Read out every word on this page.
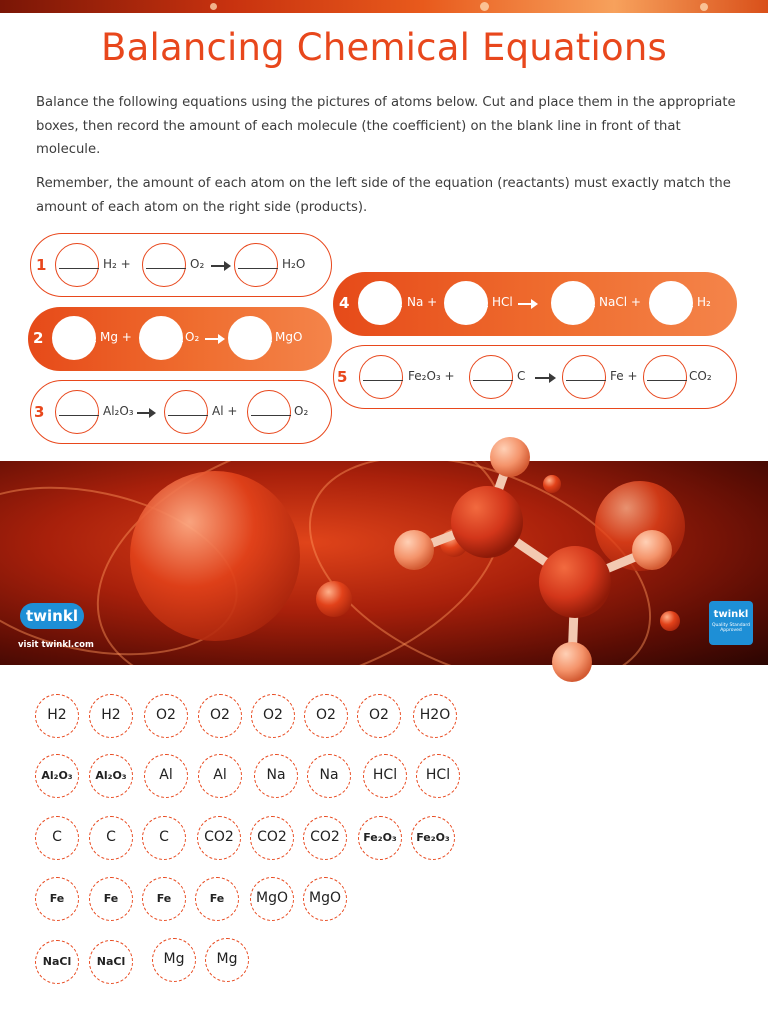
Balancing Chemical Equations

Balance the following equations using the pictures of atoms below. Cut and place them in the appropriate boxes, then record the amount of each molecule (the coefficient) on the blank line in front of that molecule.

Remember, the amount of each atom on the left side of the equation (reactants) must exactly match the amount of each atom on the right side (products).

1	H₂ +	O₂	H₂O
2	Mg +	O₂	MgO
3	Al₂O₃	Al +	O₂
4	Na +	HCl	NaCl +	H₂
5	Fe₂O₃ +	C	Fe +	CO₂
twinkl
visit twinkl.com
twinkl
Quality Standard Approved
H2	H2	O2	O2	O2	O2	O2	H2O
Al₂O₃	Al₂O₃	Al	Al	Na	Na	HCl	HCl
C	C	C	CO2	CO2	CO2	Fe₂O₃	Fe₂O₃
Fe	Fe	Fe	Fe	MgO	MgO
NaCl	NaCl	Mg	Mg
